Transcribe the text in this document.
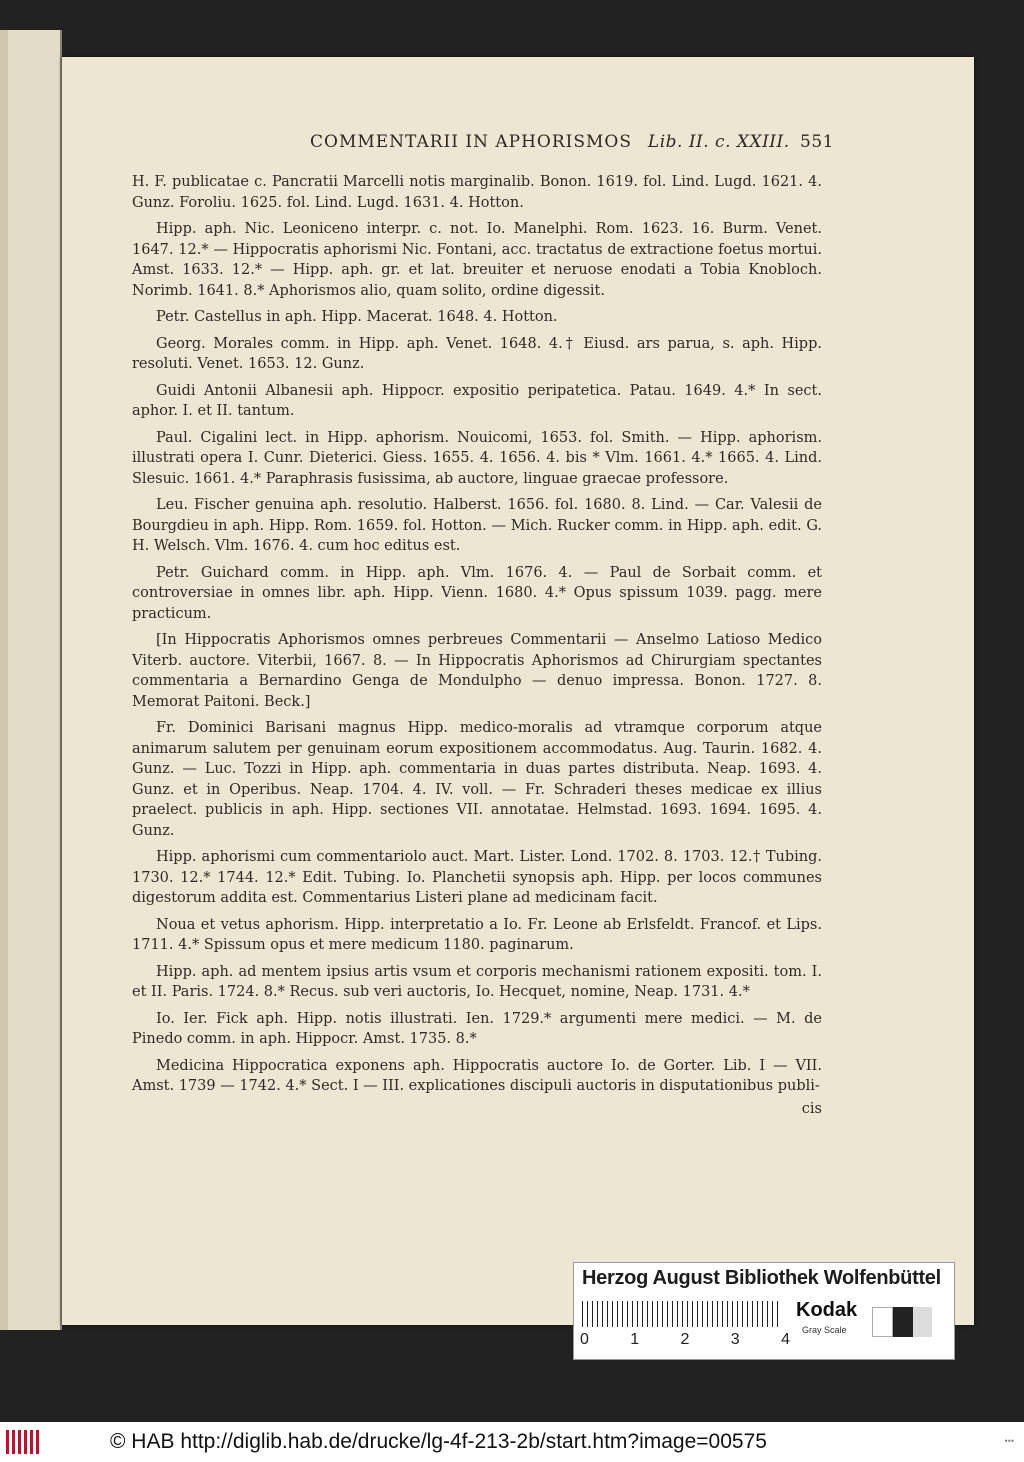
COMMENTARII IN APHORISMOS Lib. II. c. XXIII. 551

H. F. publicatae c. Pancratii Marcelli notis marginalib. Bonon. 1619. fol. Lind. Lugd. 1621. 4. Gunz. Foroliu. 1625. fol. Lind. Lugd. 1631. 4. Hotton.

Hipp. aph. Nic. Leoniceno interpr. c. not. Io. Manelphi. Rom. 1623. 16. Burm. Venet. 1647. 12.* — Hippocratis aphorismi Nic. Fontani, acc. tractatus de extractione foetus mortui. Amst. 1633. 12.* — Hipp. aph. gr. et lat. breuiter et neruose enodati a Tobia Knobloch. Norimb. 1641. 8.* Aphorismos alio, quam solito, ordine digessit.

Petr. Castellus in aph. Hipp. Macerat. 1648. 4. Hotton.

Georg. Morales comm. in Hipp. aph. Venet. 1648. 4.† Eiusd. ars parua, s. aph. Hipp. resoluti. Venet. 1653. 12. Gunz.

Guidi Antonii Albanesii aph. Hippocr. expositio peripatetica. Patau. 1649. 4.* In sect. aphor. I. et II. tantum.

Paul. Cigalini lect. in Hipp. aphorism. Nouicomi, 1653. fol. Smith. — Hipp. aphorism. illustrati opera I. Cunr. Dieterici. Giess. 1655. 4. 1656. 4. bis * Vlm. 1661. 4.* 1665. 4. Lind. Slesuic. 1661. 4.* Paraphrasis fusissima, ab auctore, linguae graecae professore.

Leu. Fischer genuina aph. resolutio. Halberst. 1656. fol. 1680. 8. Lind. — Car. Valesii de Bourgdieu in aph. Hipp. Rom. 1659. fol. Hotton. — Mich. Rucker comm. in Hipp. aph. edit. G. H. Welsch. Vlm. 1676. 4. cum hoc editus est.

Petr. Guichard comm. in Hipp. aph. Vlm. 1676. 4. — Paul de Sorbait comm. et controversiae in omnes libr. aph. Hipp. Vienn. 1680. 4.* Opus spissum 1039. pagg. mere practicum.

[In Hippocratis Aphorismos omnes perbreues Commentarii — Anselmo Latioso Medico Viterb. auctore. Viterbii, 1667. 8. — In Hippocratis Aphorismos ad Chirurgiam spectantes commentaria a Bernardino Genga de Mondulpho — denuo impressa. Bonon. 1727. 8. Memorat Paitoni. Beck.]

Fr. Dominici Barisani magnus Hipp. medico-moralis ad vtramque corporum atque animarum salutem per genuinam eorum expositionem accommodatus. Aug. Taurin. 1682. 4. Gunz. — Luc. Tozzi in Hipp. aph. commentaria in duas partes distributa. Neap. 1693. 4. Gunz. et in Operibus. Neap. 1704. 4. IV. voll. — Fr. Schraderi theses medicae ex illius praelect. publicis in aph. Hipp. sectiones VII. annotatae. Helmstad. 1693. 1694. 1695. 4. Gunz.

Hipp. aphorismi cum commentariolo auct. Mart. Lister. Lond. 1702. 8. 1703. 12.† Tubing. 1730. 12.* 1744. 12.* Edit. Tubing. Io. Planchetii synopsis aph. Hipp. per locos communes digestorum addita est. Commentarius Listeri plane ad medicinam facit.

Noua et vetus aphorism. Hipp. interpretatio a Io. Fr. Leone ab Erlsfeldt. Francof. et Lips. 1711. 4.* Spissum opus et mere medicum 1180. paginarum.

Hipp. aph. ad mentem ipsius artis vsum et corporis mechanismi rationem expositi. tom. I. et II. Paris. 1724. 8.* Recus. sub veri auctoris, Io. Hecquet, nomine, Neap. 1731. 4.*

Io. Ier. Fick aph. Hipp. notis illustrati. Ien. 1729.* argumenti mere medici. — M. de Pinedo comm. in aph. Hippocr. Amst. 1735. 8.*

Medicina Hippocratica exponens aph. Hippocratis auctore Io. de Gorter. Lib. I — VII. Amst. 1739 — 1742. 4.* Sect. I — III. explicationes discipuli auctoris in disputationibus publi-

cis

Herzog August Bibliothek Wolfenbüttel
0	1	2	3	4
Kodak
Gray Scale
© HAB http://diglib.hab.de/drucke/lg-4f-213-2b/start.htm?image=00575	•••
